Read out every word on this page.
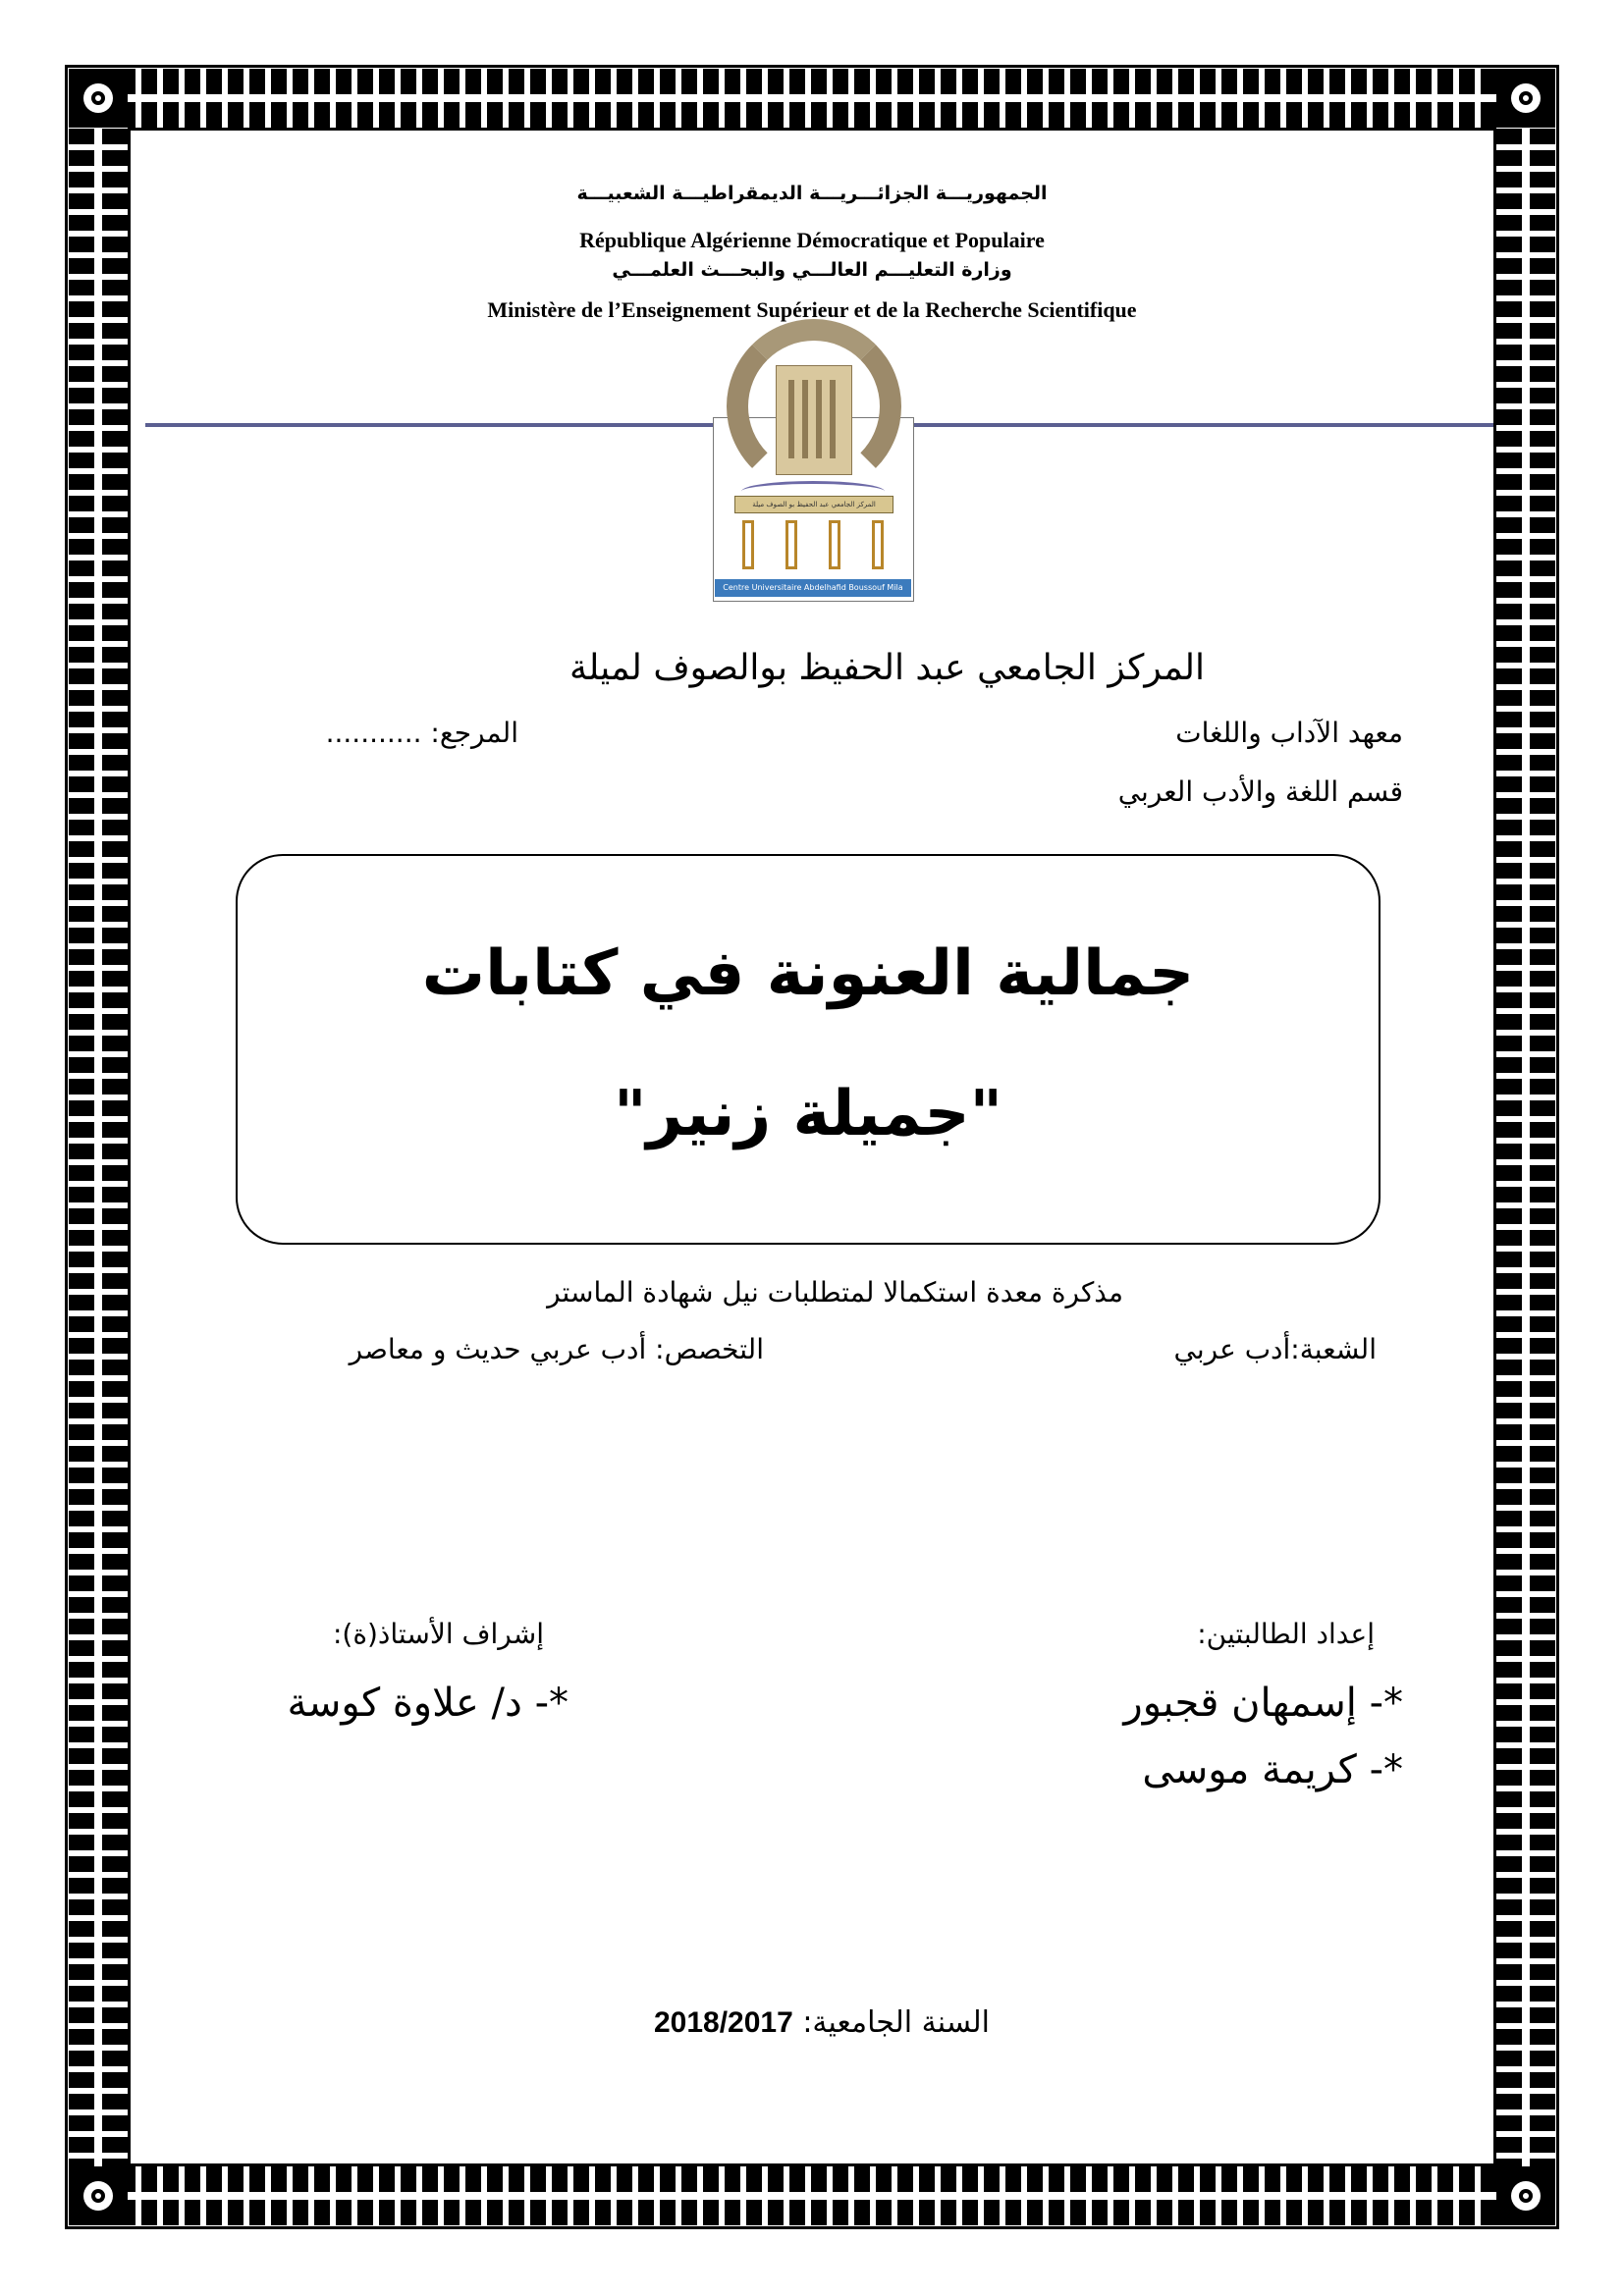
الجمهوريـــة الجزائـــريـــة الديمقراطيـــة الشعبيـــة
République Algérienne Démocratique et Populaire
وزارة التعليـــم العالـــي والبحـــث العلمـــي
Ministère de l’Enseignement Supérieur et de la Recherche Scientifique
المركز الجامعي عبد الحفيظ بو الصوف ميلة
Centre Universitaire Abdelhafid Boussouf Mila
المركز الجامعي عبد الحفيظ بوالصوف لميلة
معهد الآداب واللغات
المرجع: ...........
قسم اللغة والأدب العربي
جمالية العنونة في كتابات
"جميلة زنير"
مذكرة معدة استكمالا لمتطلبات نيل شهادة الماستر
الشعبة:أدب عربي
التخصص: أدب عربي حديث و معاصر
إعداد الطالبتين:
إشراف الأستاذ(ة):
*- إسمهان قجبور
*- د/ علاوة كوسة
*- كريمة موسى
السنة الجامعية: 2018/2017
